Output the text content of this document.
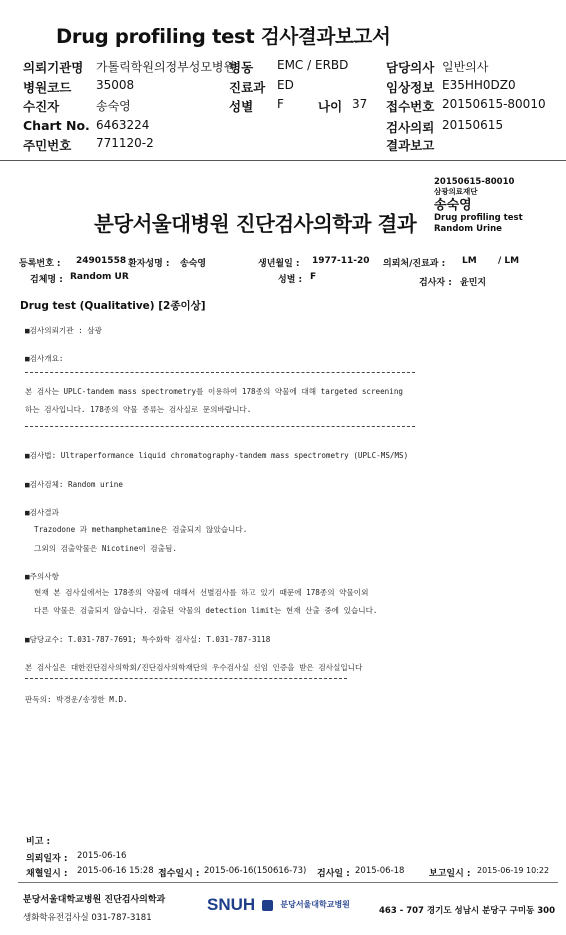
Drug profiling test 검사결과보고서
의뢰기관명 가톨릭학원의정부성모병원
병동 EMC / ERBD	담당의사 일반의사
병원코드 35008	진료과 ED	임상정보 E35HH0DZ0
수진자	송숙영	성별 F	나이 37 접수번호 20150615-80010
Chart No. 6463224	검사의뢰 20150615
주민번호 771120-2	결과보고
20150615-80010
삼광의료재단
송숙영
Drug profiling test
Random Urine
분당서울대병원 진단검사의학과 결과
등록번호 : 24901558 환자성명 : 송숙영	생년월일 : 1977-11-20 의뢰처/진료과 : LM / LM
검체명 : Random UR	성별 : F
검사자 : 윤민지
Drug test (Qualitative) [2종이상]
■검사의뢰기관 : 삼광
■검사개요:
본 검사는 UPLC-tandem mass spectrometry를 이용하여 178종의 약물에 대해 targeted screening
하는 검사입니다. 178종의 약물 종류는 검사실로 문의바랍니다.
■검사법: Ultraperformance liquid chromatography-tandem mass spectrometry (UPLC-MS/MS)
■검사검체: Random urine
■검사결과
Trazodone 과 methamphetamine은 검출되지 않았습니다.
그외의 검출약물은 Nicotine이 검출됨.
■주의사항
현재 본 검사실에서는 178종의 약물에 대해서 선별검사를 하고 있기 때문에 178종의 약물이외
다른 약물은 검출되지 않습니다. 검출된 약물의 detection limit는 현재 산출 중에 있습니다.
■담당교수: T.031-787-7691; 특수화학 검사실: T.031-787-3118
본 검사실은 대한진단검사의학회/진단검사의학재단의 우수검사실 신임 인증을 받은 검사실입니다
판독의: 박경운/송정한 M.D.
비고 :
의뢰일자 : 2015-06-16
채혈일시 : 2015-06-16 15:28 접수일시 : 2015-06-16(150616-73) 검사일 : 2015-06-18	보고일시 : 2015-06-19 10:22
분당서울대학교병원 진단검사의학과
생화학유전검사실 031-787-3181
SNUH	분당서울대학교병원
463 - 707 경기도 성남시 분당구 구미동 300
